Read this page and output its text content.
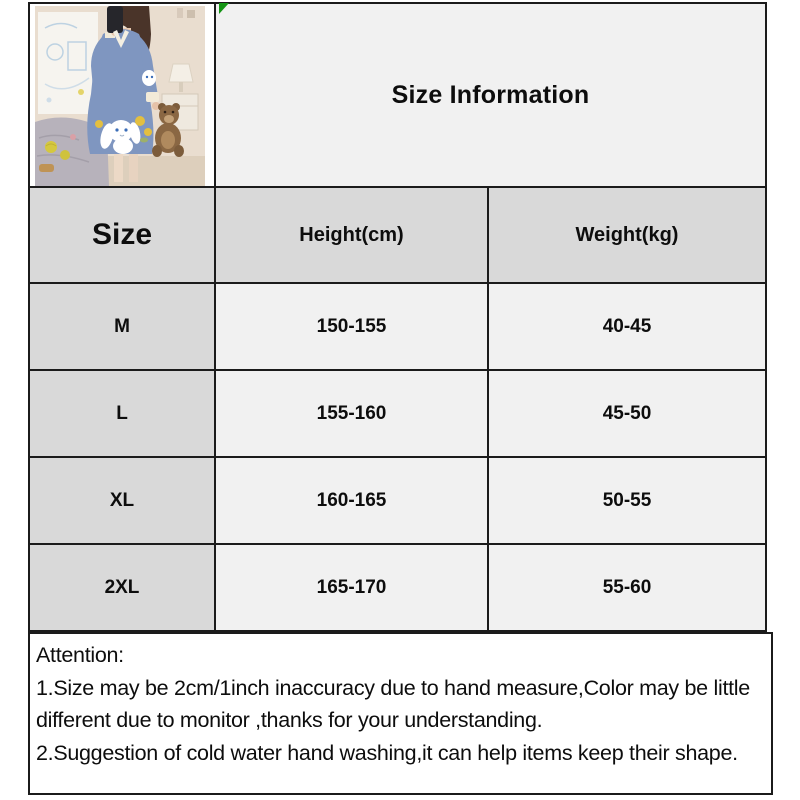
	Size Information	
Size	Height(cm)	Weight(kg)
M	150-155	40-45
L	155-160	45-50
XL	160-165	50-55
2XL	165-170	55-60
Attention:
1.Size may be 2cm/1inch inaccuracy due to hand measure,Color may be little
different due to monitor ,thanks for your understanding.
2.Suggestion of cold water hand washing,it can help items keep their shape.
